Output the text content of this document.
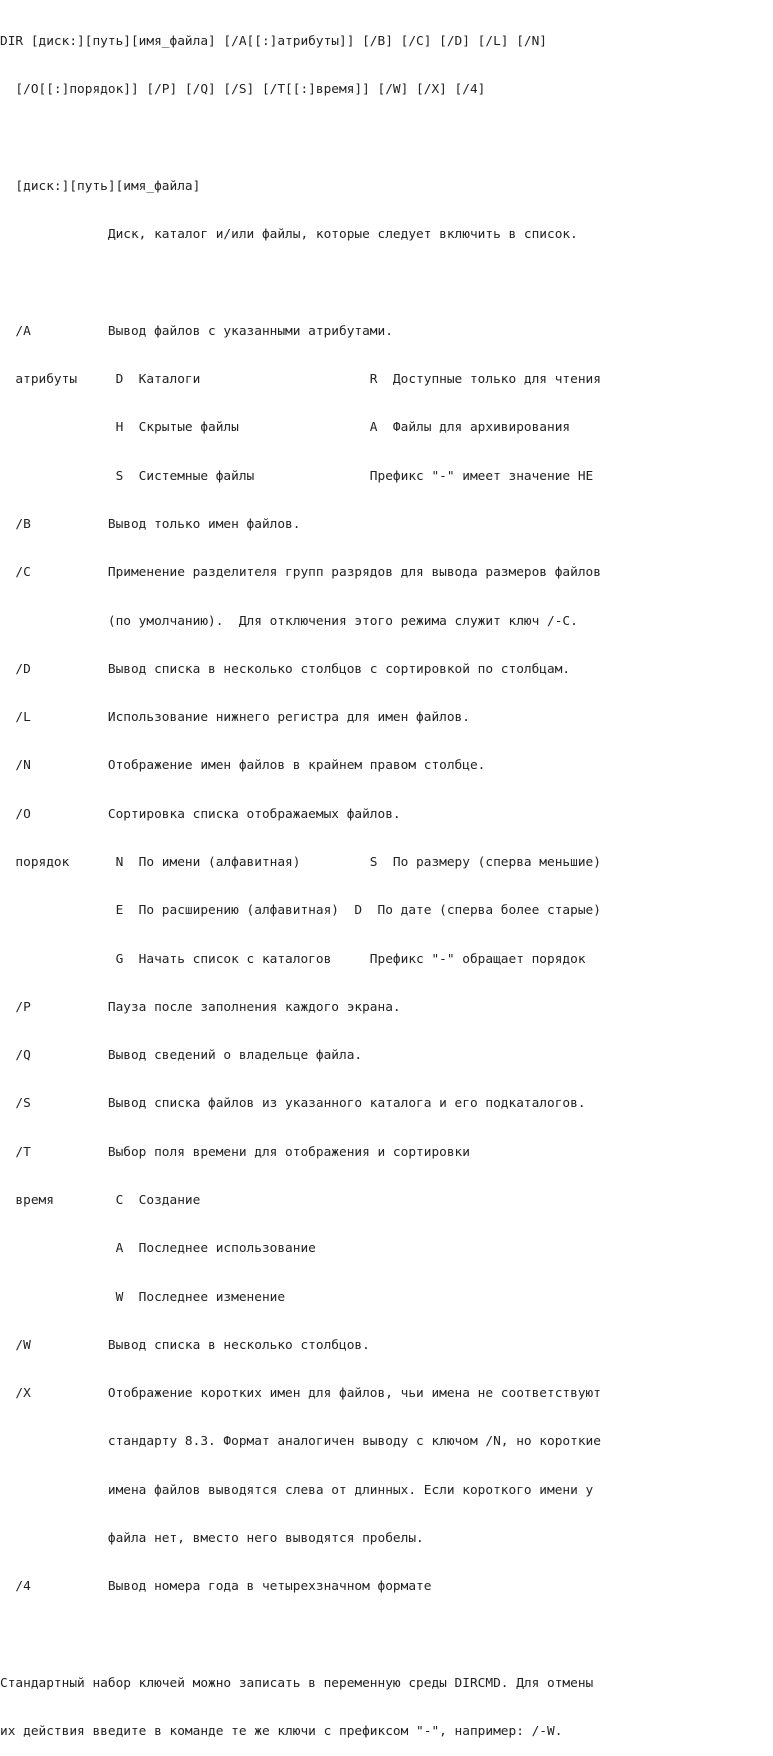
DIR [диск:][путь][имя_файла] [/A[[:]атрибуты]] [/B] [/C] [/D] [/L] [/N]

[/O[[:]порядок]] [/P] [/Q] [/S] [/T[[:]время]] [/W] [/X] [/4]

[диск:][путь][имя_файла]

Диск, каталог и/или файлы, которые следует включить в список.

/A          Вывод файлов с указанными атрибутами.

атрибуты     D  Каталоги                      R  Доступные только для чтения

H  Скрытые файлы                 A  Файлы для архивирования

S  Системные файлы               Префикс "-" имеет значение НЕ

/B          Вывод только имен файлов.

/C          Применение разделителя групп разрядов для вывода размеров файлов

(по умолчанию).  Для отключения этого режима служит ключ /-C.

/D          Вывод списка в несколько столбцов с сортировкой по столбцам.

/L          Использование нижнего регистра для имен файлов.

/N          Отображение имен файлов в крайнем правом столбце.

/O          Сортировка списка отображаемых файлов.

порядок      N  По имени (алфавитная)         S  По размеру (сперва меньшие)

E  По расширению (алфавитная)  D  По дате (сперва более старые)

G  Начать список с каталогов     Префикс "-" обращает порядок

/P          Пауза после заполнения каждого экрана.

/Q          Вывод сведений о владельце файла.

/S          Вывод списка файлов из указанного каталога и его подкаталогов.

/T          Выбор поля времени для отображения и сортировки

время        C  Создание

A  Последнее использование

W  Последнее изменение

/W          Вывод списка в несколько столбцов.

/X          Отображение коротких имен для файлов, чьи имена не соответствуют

стандарту 8.3. Формат аналогичен выводу с ключом /N, но короткие

имена файлов выводятся слева от длинных. Если короткого имени у

файла нет, вместо него выводятся пробелы.

/4          Вывод номера года в четырехзначном формате

Стандартный набор ключей можно записать в переменную среды DIRCMD. Для отмены

их действия введите в команде те же ключи с префиксом "-", например: /-W.
